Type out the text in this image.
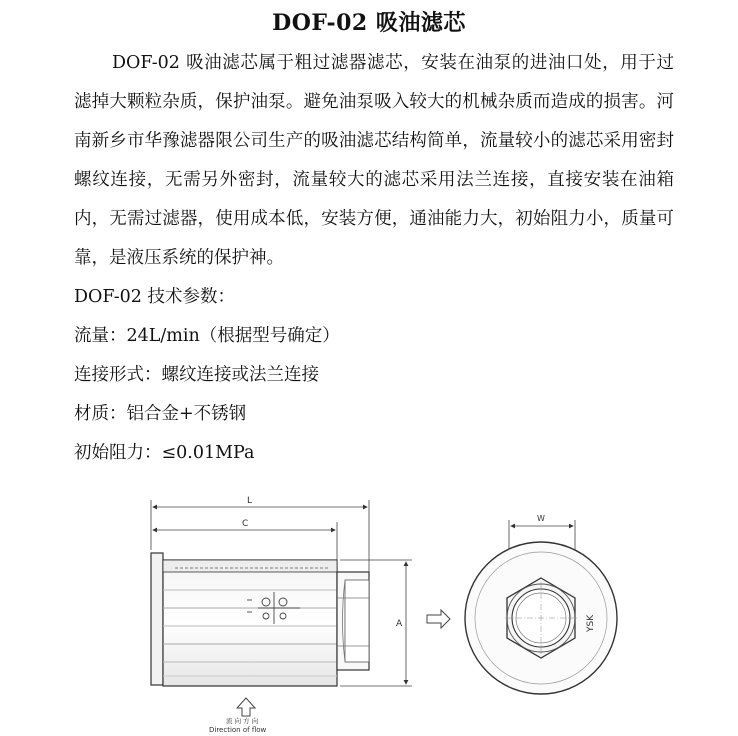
DOF-02 吸油滤芯
DOF-02 吸油滤芯属于粗过滤器滤芯，安装在油泵的进油口处，用于过滤掉大颗粒杂质，保护油泵。避免油泵吸入较大的机械杂质而造成的损害。河南新乡市华豫滤器限公司生产的吸油滤芯结构简单，流量较小的滤芯采用密封螺纹连接，无需另外密封，流量较大的滤芯采用法兰连接，直接安装在油箱内，无需过滤器，使用成本低，安装方便，通油能力大，初始阻力小，质量可靠，是液压系统的保护神。
DOF-02 技术参数：
流量：24L/min（根据型号确定）
连接形式：螺纹连接或法兰连接
材质：铝合金+不锈钢
初始阻力：≤0.01MPa
L
C
A
流 向 方 向
Direction of flow
W
YSK
